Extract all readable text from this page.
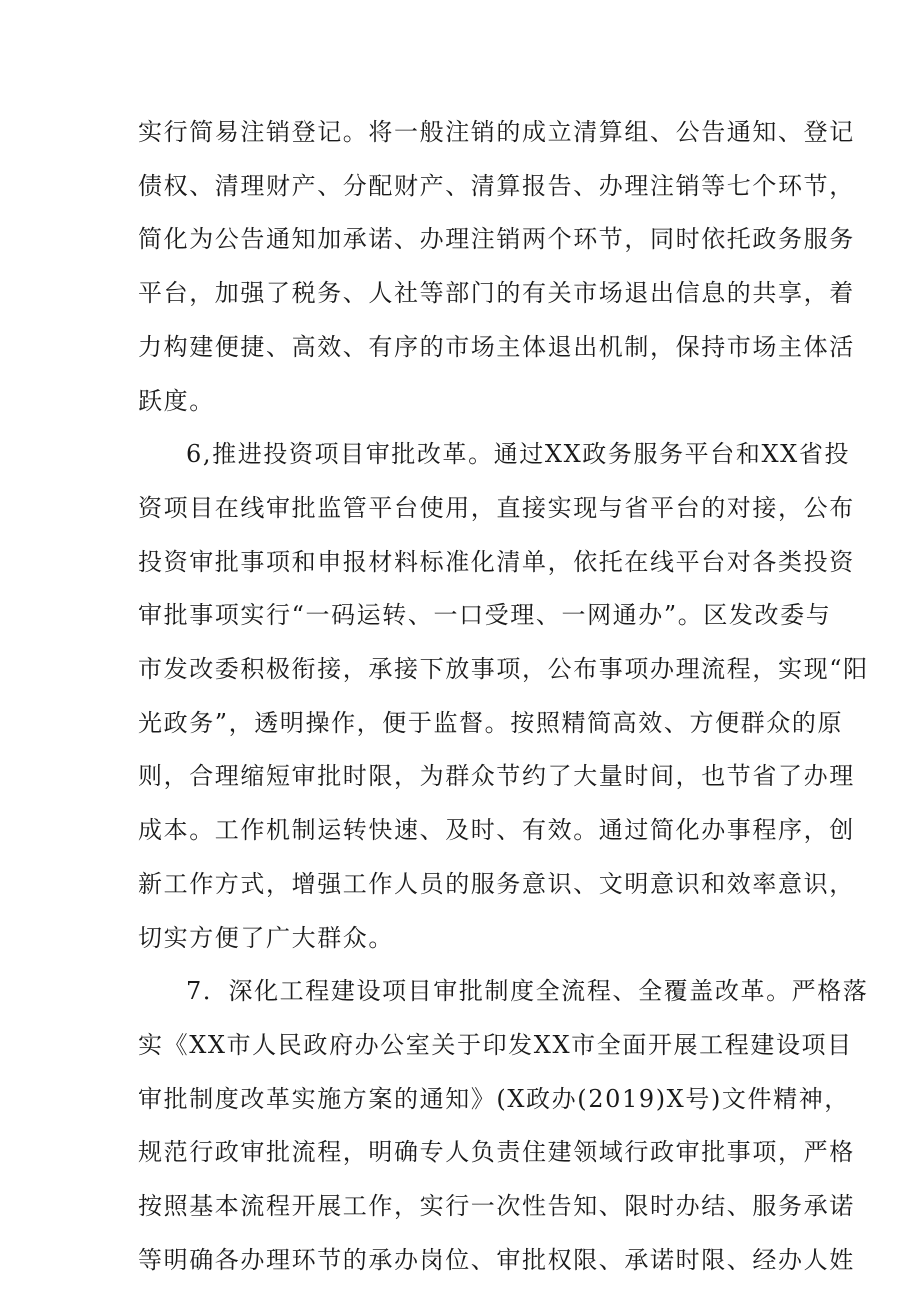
实行简易注销登记。将一般注销的成立清算组、公告通知、登记
债权、清理财产、分配财产、清算报告、办理注销等七个环节，
简化为公告通知加承诺、办理注销两个环节，同时依托政务服务
平台，加强了税务、人社等部门的有关市场退出信息的共享，着
力构建便捷、高效、有序的市场主体退出机制，保持市场主体活
跃度。

6,推进投资项目审批改革。通过XX政务服务平台和XX省投
资项目在线审批监管平台使用，直接实现与省平台的对接，公布
投资审批事项和申报材料标准化清单，依托在线平台对各类投资
审批事项实行“一码运转、一口受理、一网通办”。区发改委与
市发改委积极衔接，承接下放事项，公布事项办理流程，实现“阳
光政务”，透明操作，便于监督。按照精简高效、方便群众的原
则，合理缩短审批时限，为群众节约了大量时间，也节省了办理
成本。工作机制运转快速、及时、有效。通过简化办事程序，创
新工作方式，增强工作人员的服务意识、文明意识和效率意识，
切实方便了广大群众。

7．深化工程建设项目审批制度全流程、全覆盖改革。严格落
实《XX市人民政府办公室关于印发XX市全面开展工程建设项目
审批制度改革实施方案的通知》(X政办(2019)X号)文件精神，
规范行政审批流程，明确专人负责住建领域行政审批事项，严格
按照基本流程开展工作，实行一次性告知、限时办结、服务承诺
等明确各办理环节的承办岗位、审批权限、承诺时限、经办人姓
